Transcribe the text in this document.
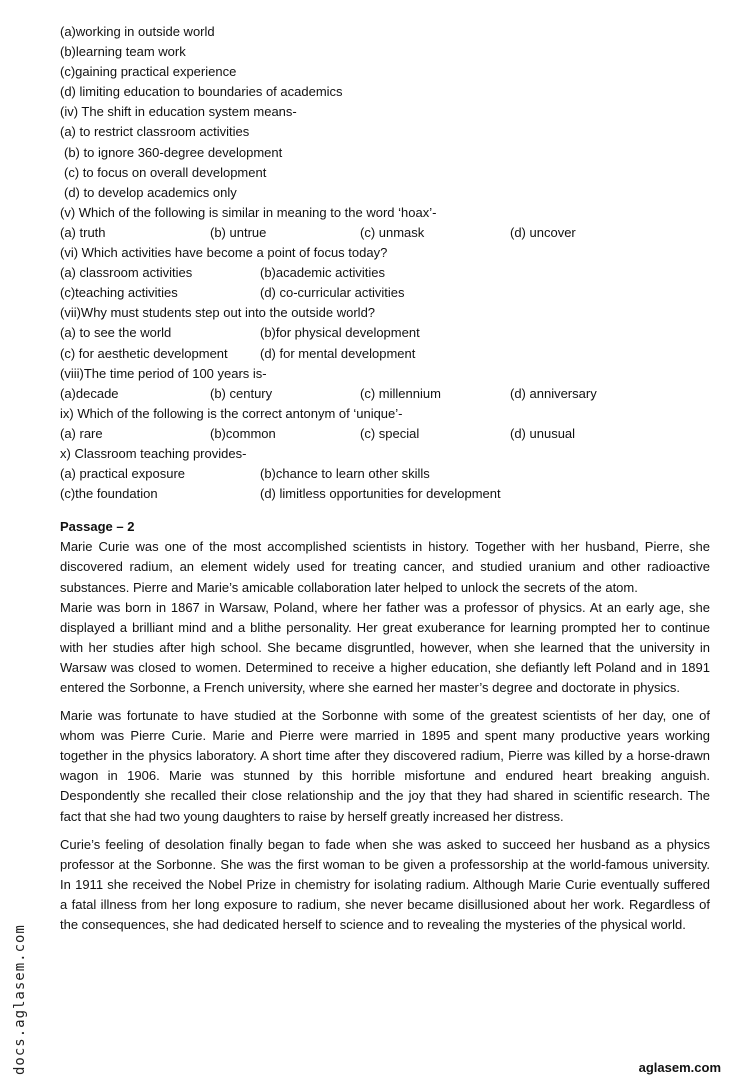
(a)working in outside world
(b)learning team work
(c)gaining practical experience
(d) limiting education to boundaries of academics
(iv) The shift in education system means-
(a) to restrict classroom activities
(b) to ignore 360-degree development
(c) to focus on overall development
(d) to develop academics only
(v) Which of the following is similar in meaning to the word ‘hoax’-
(a) truth	(b) untrue	(c) unmask	(d) uncover
(vi) Which activities have become a point of focus today?
(a) classroom activities	(b)academic activities
(c)teaching activities	(d) co-curricular activities
(vii)Why must students step out into the outside world?
(a) to see the world	(b)for physical development
(c) for aesthetic development	(d) for mental development
(viii)The time period of 100 years is-
(a)decade	(b) century	(c) millennium	(d) anniversary
ix) Which of the following is the correct antonym of ‘unique’-
(a) rare	(b)common	(c) special	(d) unusual
x) Classroom teaching provides-
(a) practical exposure	(b)chance to learn other skills
(c)the foundation	(d) limitless opportunities for development
Passage – 2

Marie Curie was one of the most accomplished scientists in history. Together with her husband, Pierre, she discovered radium, an element widely used for treating cancer, and studied uranium and other radioactive substances. Pierre and Marie’s amicable collaboration later helped to unlock the secrets of the atom.

Marie was born in 1867 in Warsaw, Poland, where her father was a professor of physics. At an early age, she displayed a brilliant mind and a blithe personality. Her great exuberance for learning prompted her to continue with her studies after high school. She became disgruntled, however, when she learned that the university in Warsaw was closed to women. Determined to receive a higher education, she defiantly left Poland and in 1891 entered the Sorbonne, a French university, where she earned her master’s degree and doctorate in physics.

Marie was fortunate to have studied at the Sorbonne with some of the greatest scientists of her day, one of whom was Pierre Curie. Marie and Pierre were married in 1895 and spent many productive years working together in the physics laboratory. A short time after they discovered radium, Pierre was killed by a horse-drawn wagon in 1906. Marie was stunned by this horrible misfortune and endured heart breaking anguish. Despondently she recalled their close relationship and the joy that they had shared in scientific research. The fact that she had two young daughters to raise by herself greatly increased her distress.

Curie’s feeling of desolation finally began to fade when she was asked to succeed her husband as a physics professor at the Sorbonne. She was the first woman to be given a professorship at the world-famous university. In 1911 she received the Nobel Prize in chemistry for isolating radium. Although Marie Curie eventually suffered a fatal illness from her long exposure to radium, she never became disillusioned about her work. Regardless of the consequences, she had dedicated herself to science and to revealing the mysteries of the physical world.

docs.aglasem.com	aglasem.com
